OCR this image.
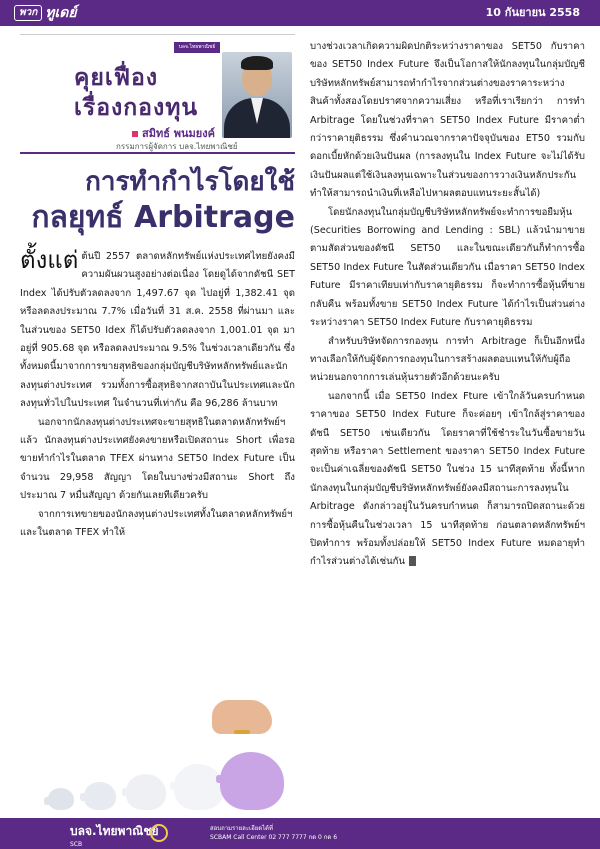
พวก ทูเดย์	10 กันยายน 2558
บลจ.ไทยพาณิชย์ SCB
คุยเฟื่อง
เรื่องกองทุน
สมิทธ์ พนมยงค์
กรรมการผู้จัดการ บลจ.ไทยพาณิชย์
การทำกำไรโดยใช้
กลยุทธ์ Arbitrage

ตั้งแต่ ต้นปี 2557 ตลาดหลักทรัพย์แห่งประเทศไทยยังคงมีความผันผวนสูงอย่างต่อเนื่อง โดยดูได้จากดัชนี SET Index ได้ปรับตัวลดลงจาก 1,497.67 จุด ไปอยู่ที่ 1,382.41 จุด หรือลดลงประมาณ 7.7% เมื่อวันที่ 31 ส.ค. 2558 ที่ผ่านมา และในส่วนของ SET50 Idex ก็ได้ปรับตัวลดลงจาก 1,001.01 จุด มาอยู่ที่ 905.68 จุด หรือลดลงประมาณ 9.5% ในช่วงเวลาเดียวกัน ซึ่งทั้งหมดนี้มาจากการขายสุทธิของกลุ่มบัญชีบริษัทหลักทรัพย์และนักลงทุนต่างประเทศ รวมทั้งการซื้อสุทธิจากสถาบันในประเทศและนักลงทุนทั่วไปในประเทศ ในจำนวนที่เท่ากัน คือ 96,286 ล้านบาท

นอกจากนักลงทุนต่างประเทศจะขายสุทธิในตลาดหลักทรัพย์ฯแล้ว นักลงทุนต่างประเทศยังคงขายหรือเปิดสถานะ Short เพื่อรอขายทำกำไรในตลาด TFEX ผ่านทาง SET50 Index Future เป็นจำนวน 29,958 สัญญา โดยในบางช่วงมีสถานะ Short ถึงประมาณ 7 หมื่นสัญญา ด้วยกันเลยทีเดียวครับ

จากการเทขายของนักลงทุนต่างประเทศทั้งในตลาดหลักทรัพย์ฯ และในตลาด TFEX ทำให้

บางช่วงเวลาเกิดความผิดปกติระหว่างราคาของ SET50 กับราคาของ SET50 Index Future จึงเป็นโอกาสให้นักลงทุนในกลุ่มบัญชีบริษัทหลักทรัพย์สามารถทำกำไรจากส่วนต่างของราคาระหว่างสินค้าทั้งสองโดยปราศจากความเสี่ยง หรือที่เราเรียกว่า การทำ Arbitrage โดยในช่วงที่ราคา SET50 Index Future มีราคาต่ำกว่าราคายุติธรรม ซึ่งคำนวณจากราคาปัจจุบันของ ET50 รวมกับดอกเบี้ยหักด้วยเงินปันผล (การลงทุนใน Index Future จะไม่ได้รับเงินปันผลแต่ใช้เงินลงทุนเฉพาะในส่วนของการวางเงินหลักประกัน ทำให้สามารถนำเงินที่เหลือไปหาผลตอบแทนระยะสั้นได้)

โดยนักลงทุนในกลุ่มบัญชีบริษัทหลักทรัพย์จะทำการขอยืมหุ้น (Securities Borrowing and Lending : SBL) แล้วนำมาขายตามสัดส่วนของดัชนี SET50 และในขณะเดียวกันก็ทำการซื้อ SET50 Index Future ในสัดส่วนเดียวกัน เมื่อราคา SET50 Index Future มีราคาเทียบเท่ากับราคายุติธรรม ก็จะทำการซื้อหุ้นที่ขายกลับคืน พร้อมทั้งขาย SET50 Index Future ได้กำไรเป็นส่วนต่างระหว่างราคา SET50 Index Future กับราคายุติธรรม

สำหรับบริษัทจัดการกองทุน การทำ Arbitrage ก็เป็นอีกหนึ่งทางเลือกให้กับผู้จัดการกองทุนในการสร้างผลตอบแทนให้กับผู้ถือหน่วยนอกจากการเล่นหุ้นรายตัวอีกด้วยนะครับ

นอกจากนี้ เมื่อ SET50 Index Fture เข้าใกล้วันครบกำหนด ราคาของ SET50 Index Future ก็จะค่อยๆ เข้าใกล้สู่ราคาของดัชนี SET50 เช่นเดียวกัน โดยราคาที่ใช้ชำระในวันซื้อขายวันสุดท้าย หรือราคา Settlement ของราคา SET50 Index Future จะเป็นค่าเฉลี่ยของดัชนี SET50 ในช่วง 15 นาทีสุดท้าย ทั้งนี้หากนักลงทุนในกลุ่มบัญชีบริษัทหลักทรัพย์ยังคงมีสถานะการลงทุนใน Arbitrage ดังกล่าวอยู่ในวันครบกำหนด ก็สามารถปิดสถานะด้วยการซื้อหุ้นคืนในช่วงเวลา 15 นาทีสุดท้าย ก่อนตลาดหลักทรัพย์ฯ ปิดทำการ พร้อมทั้งปล่อยให้ SET50 Index Future หมดอายุทำกำไรส่วนต่างได้เช่นกัน

บลจ.ไทยพาณิชย์
SCB
สอบถามรายละเอียดได้ที่
SCBAM Call Center 02 777 7777 กด 0 กด 6
